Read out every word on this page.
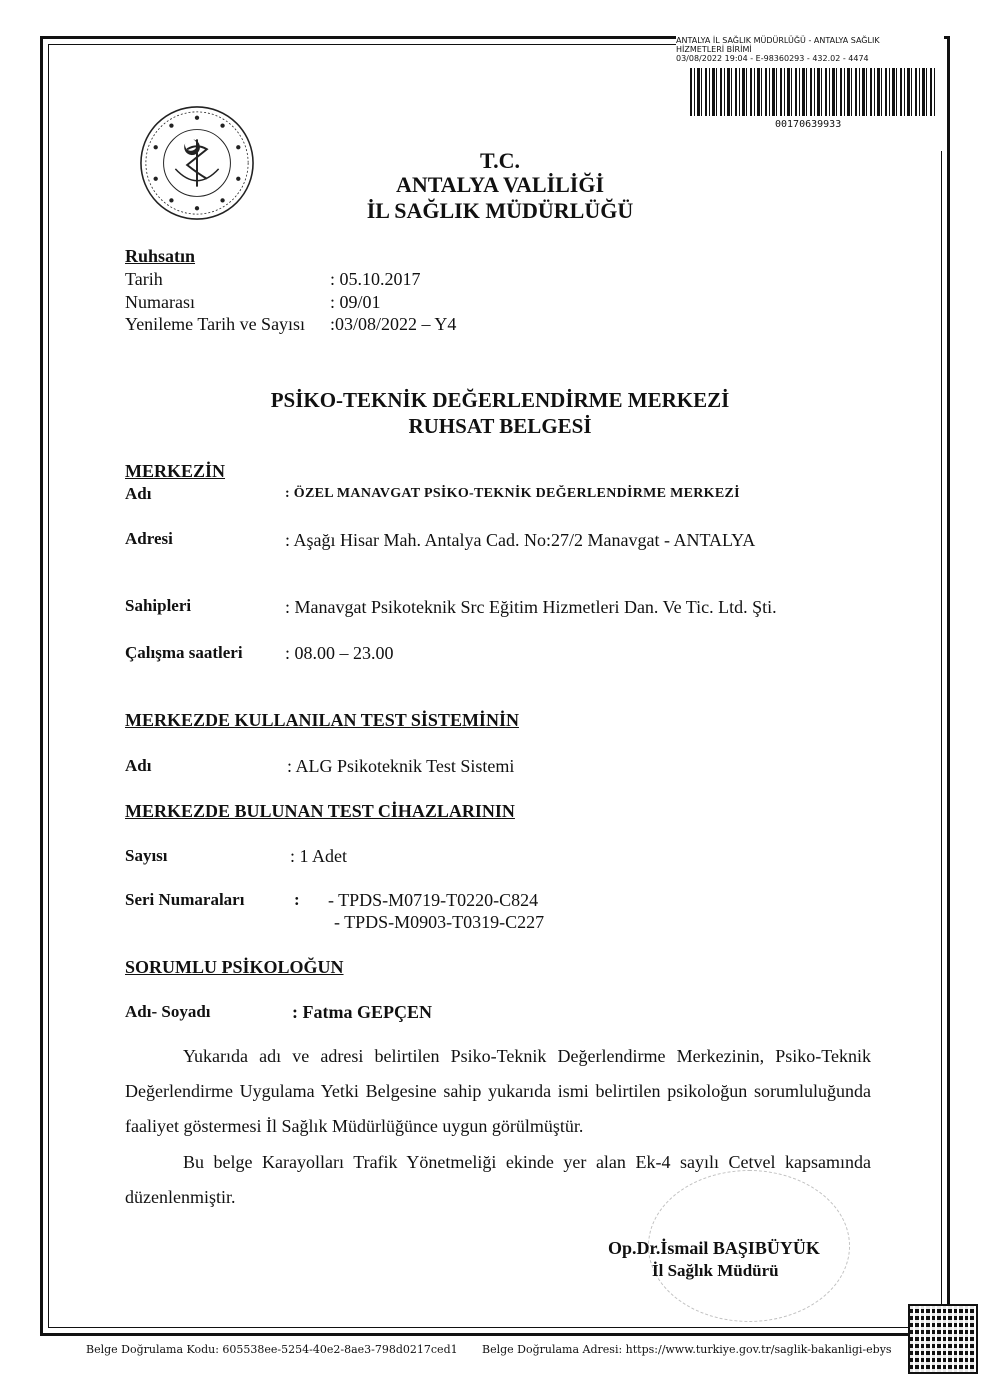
ANTALYA İL SAĞLIK MÜDÜRLÜĞÜ - ANTALYA SAĞLIK
HİZMETLERİ BİRİMİ
03/08/2022 19:04 - E-98360293 - 432.02 - 4474
00170639933
T.C.
ANTALYA VALİLİĞİ
İL SAĞLIK MÜDÜRLÜĞÜ
Ruhsatın
Tarih	: 05.10.2017
Numarası	: 09/01
Yenileme Tarih ve Sayısı :03/08/2022 – Y4
PSİKO-TEKNİK DEĞERLENDİRME MERKEZİ
RUHSAT BELGESİ
MERKEZİN
Adı	: ÖZEL MANAVGAT PSİKO-TEKNİK DEĞERLENDİRME MERKEZİ
Adresi	: Aşağı Hisar Mah. Antalya Cad. No:27/2 Manavgat - ANTALYA
Sahipleri	: Manavgat Psikoteknik Src Eğitim Hizmetleri Dan. Ve Tic. Ltd. Şti.
Çalışma saatleri : 08.00 – 23.00
MERKEZDE KULLANILAN TEST SİSTEMİNİN
Adı	: ALG Psikoteknik Test Sistemi
MERKEZDE BULUNAN TEST CİHAZLARININ
Sayısı	: 1 Adet
Seri Numaraları	: - TPDS-M0719-T0220-C824
- TPDS-M0903-T0319-C227
SORUMLU PSİKOLOĞUN
Adı- Soyadı	: Fatma GEPÇEN
Yukarıda adı ve adresi belirtilen Psiko-Teknik Değerlendirme Merkezinin, Psiko-Teknik Değerlendirme Uygulama Yetki Belgesine sahip yukarıda ismi belirtilen psikoloğun sorumluluğunda faaliyet göstermesi İl Sağlık Müdürlüğünce uygun görülmüştür.
Bu belge Karayolları Trafik Yönetmeliği ekinde yer alan Ek-4 sayılı Cetvel kapsamında düzenlenmiştir.
Op.Dr.İsmail BAŞIBÜYÜK
İl Sağlık Müdürü
Belge Doğrulama Kodu: 605538ee-5254-40e2-8ae3-798d0217ced1 Belge Doğrulama Adresi: https://www.turkiye.gov.tr/saglik-bakanligi-ebys
